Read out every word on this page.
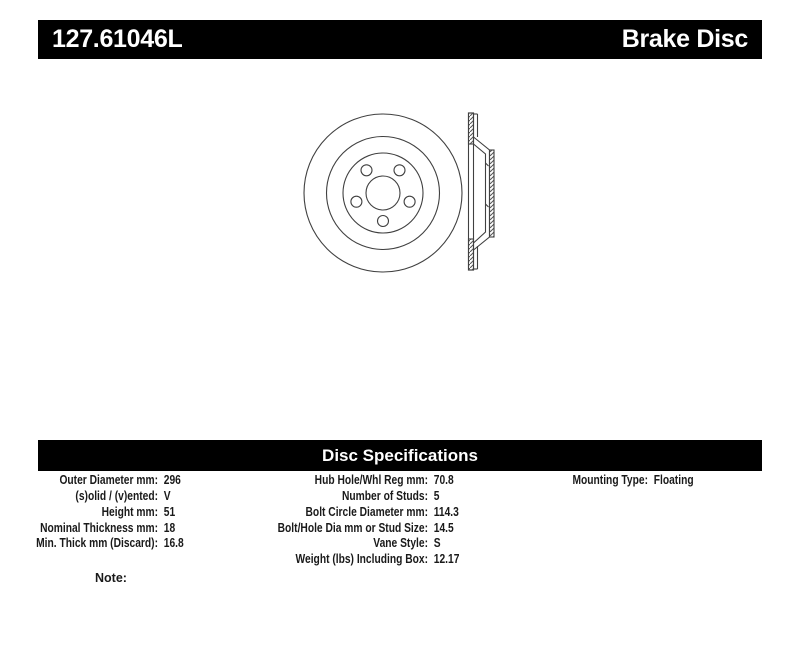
127.61046L	Brake Disc
Disc Specifications
Outer Diameter mm: 296
(s)olid / (v)ented: V
Height mm: 51
Nominal Thickness mm: 18
Min. Thick mm (Discard): 16.8
Hub Hole/Whl Reg mm: 70.8
Number of Studs: 5
Bolt Circle Diameter mm: 114.3
Bolt/Hole Dia mm or Stud Size: 14.5
Vane Style: S
Weight (lbs) Including Box: 12.17
Mounting Type: Floating
Note:
